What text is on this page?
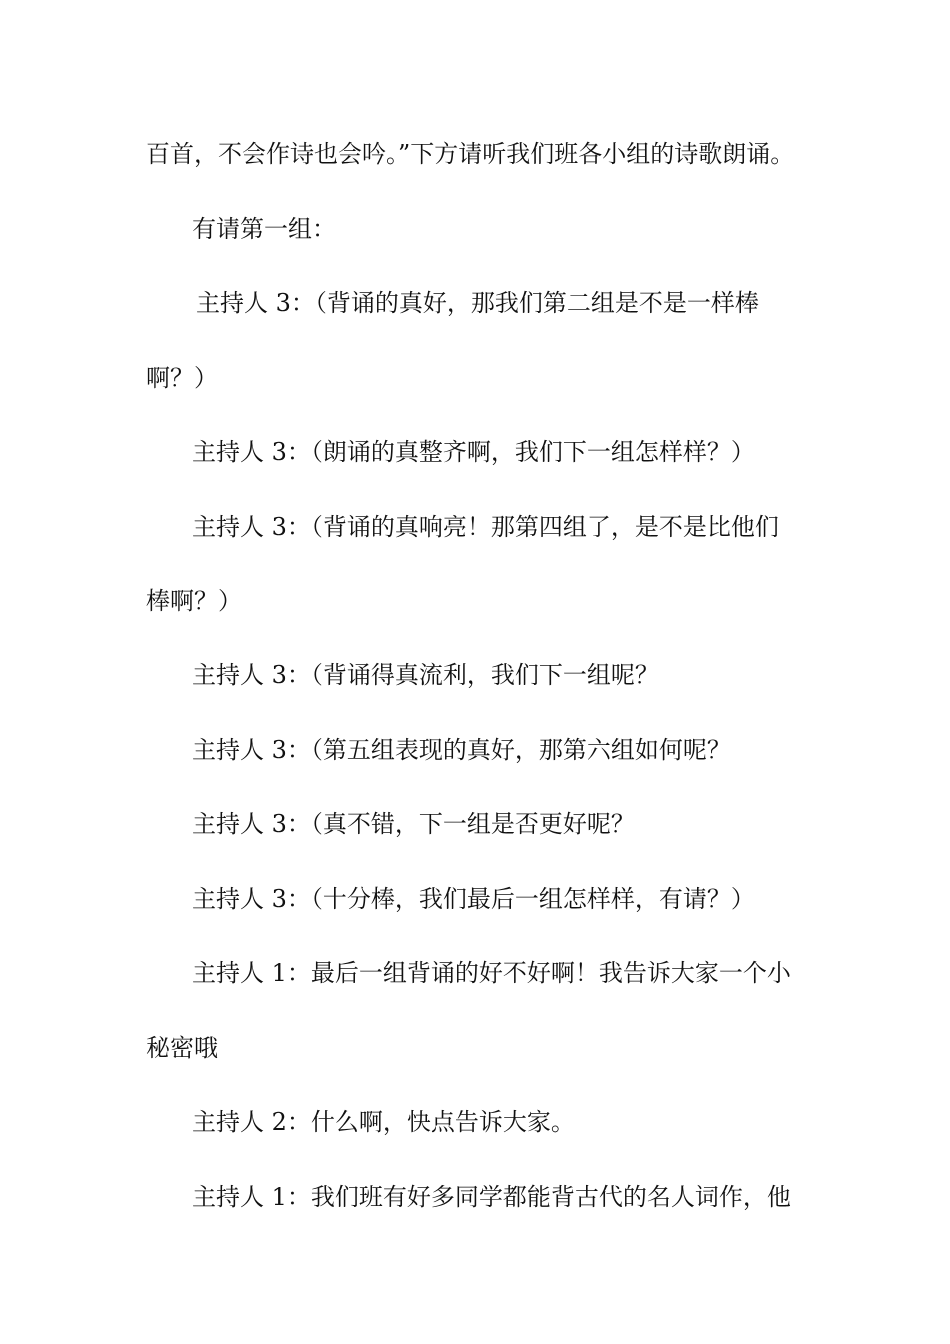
百首，不会作诗也会吟。”下方请听我们班各小组的诗歌朗诵。
有请第一组：
主持人 3：（背诵的真好，那我们第二组是不是一样棒
啊？）
主持人 3：（朗诵的真整齐啊，我们下一组怎样样？）
主持人 3：（背诵的真响亮！那第四组了，是不是比他们
棒啊？）
主持人 3：（背诵得真流利，我们下一组呢？
主持人 3：（第五组表现的真好，那第六组如何呢？
主持人 3：（真不错，下一组是否更好呢？
主持人 3：（十分棒，我们最后一组怎样样，有请？）
主持人 1：最后一组背诵的好不好啊！我告诉大家一个小
秘密哦
主持人 2：什么啊，快点告诉大家。
主持人 1：我们班有好多同学都能背古代的名人词作，他
